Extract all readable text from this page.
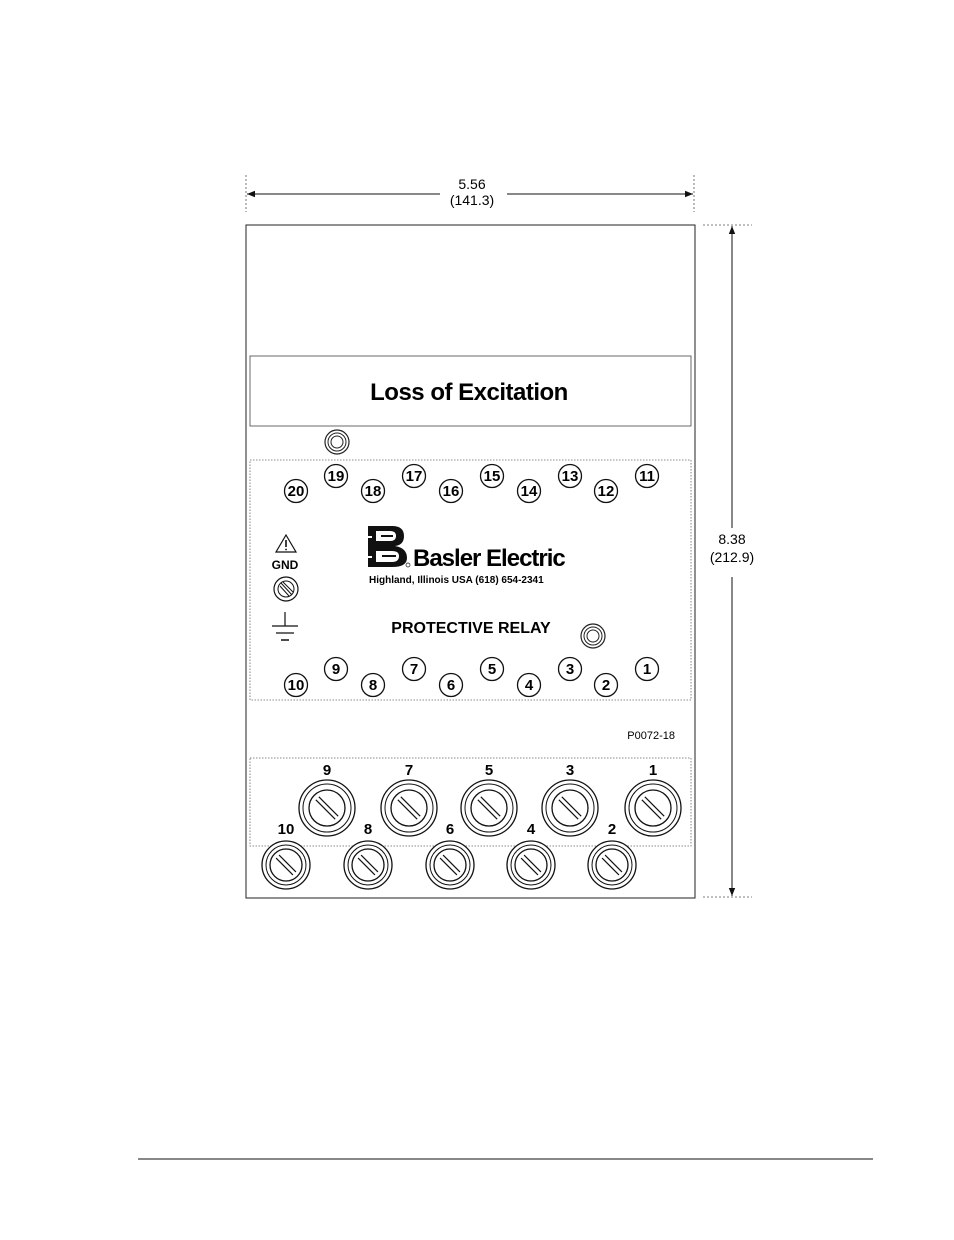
5.56
(141.3)
8.38
(212.9)
Loss of Excitation
20
19
18
17
16
15
14
13
12
11
10
9
8
7
6
5
4
3
2
1
GND	Basler Electric
Highland, Illinois USA (618) 654-2341
PROTECTIVE RELAY
P0072-18
9	7	5	3	1
10	8	6	4	2
